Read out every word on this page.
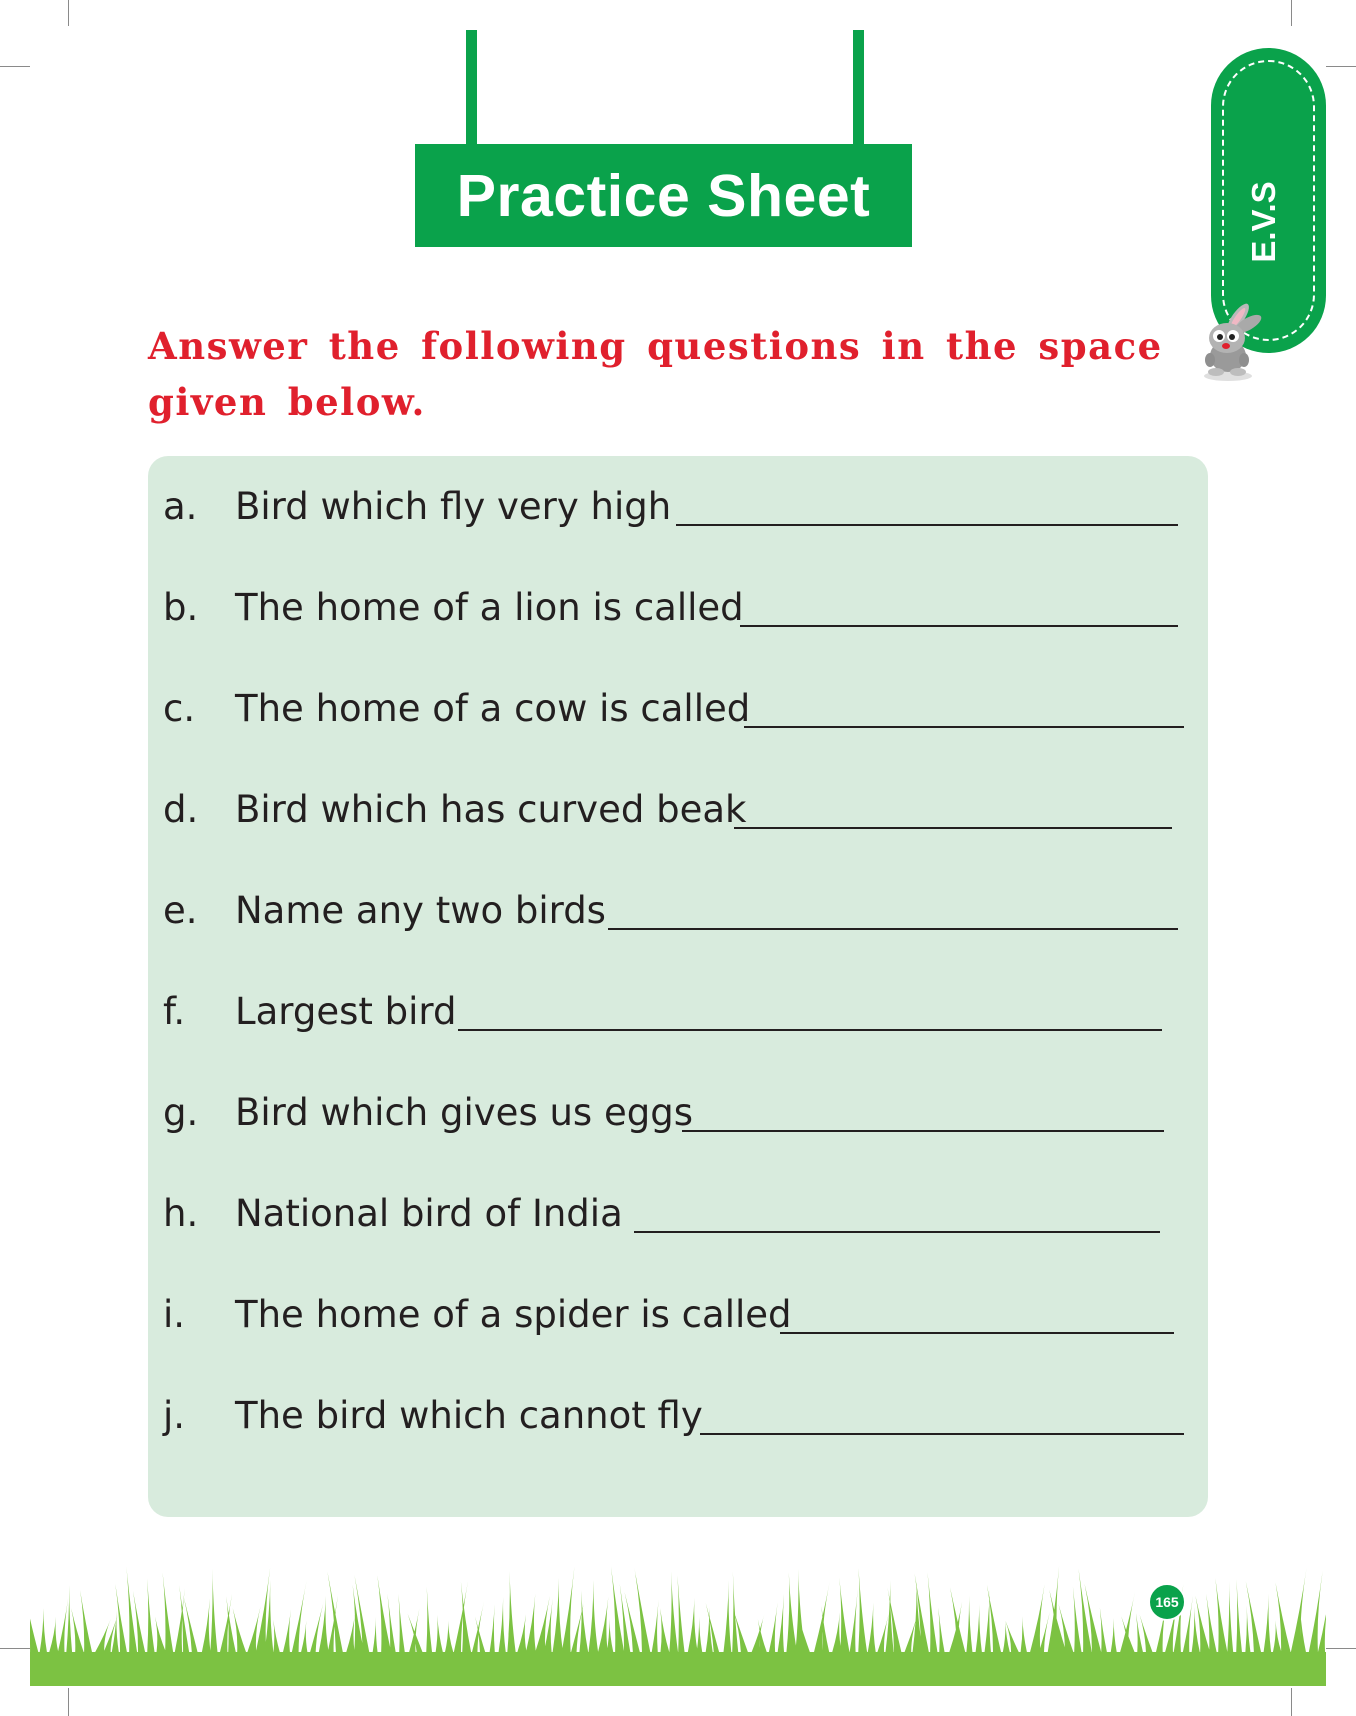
Practice Sheet	E.V.S
Answer the following questions in the space given below.
a. Bird which fly very high
b. The home of a lion is called
c. The home of a cow is called
d. Bird which has curved beak
e. Name any two birds
f. Largest bird
g. Bird which gives us eggs
h. National bird of India
i. The home of a spider is called
j. The bird which cannot fly
165
